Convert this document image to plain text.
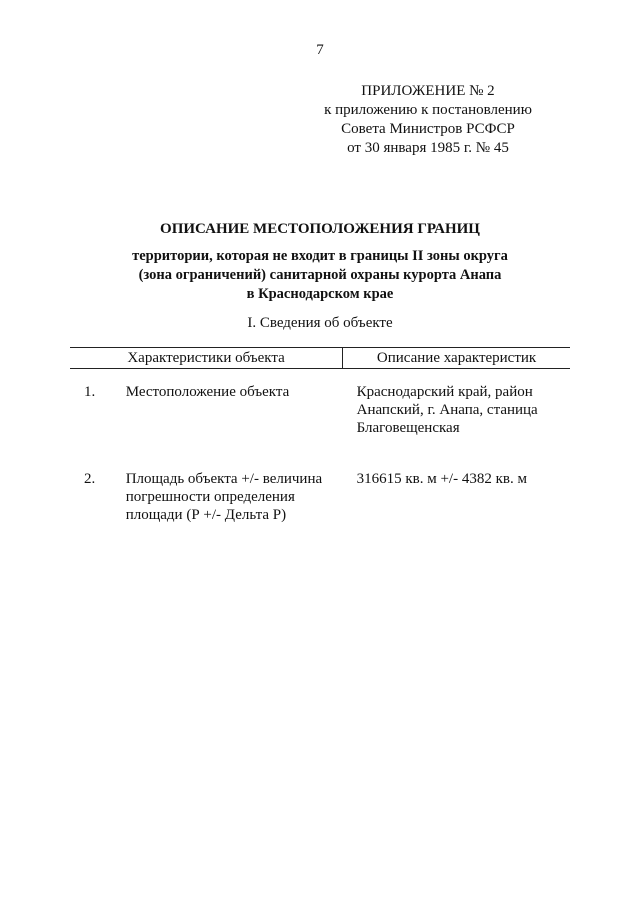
7
ПРИЛОЖЕНИЕ № 2
к приложению к постановлению
Совета Министров РСФСР
от 30 января 1985 г. № 45
ОПИСАНИЕ МЕСТОПОЛОЖЕНИЯ ГРАНИЦ
территории, которая не входит в границы II зоны округа
(зона ограничений) санитарной охраны курорта Анапа
в Краснодарском крае
I. Сведения об объекте
Характеристики объекта		Описание характеристик
1.	Местоположение объекта	Краснодарский край, район
Анапский, г. Анапа, станица
Благовещенская

2.	Площадь объекта +/- величина
погрешности определения
площади (Р +/- Дельта Р)	316615 кв. м +/- 4382 кв. м
